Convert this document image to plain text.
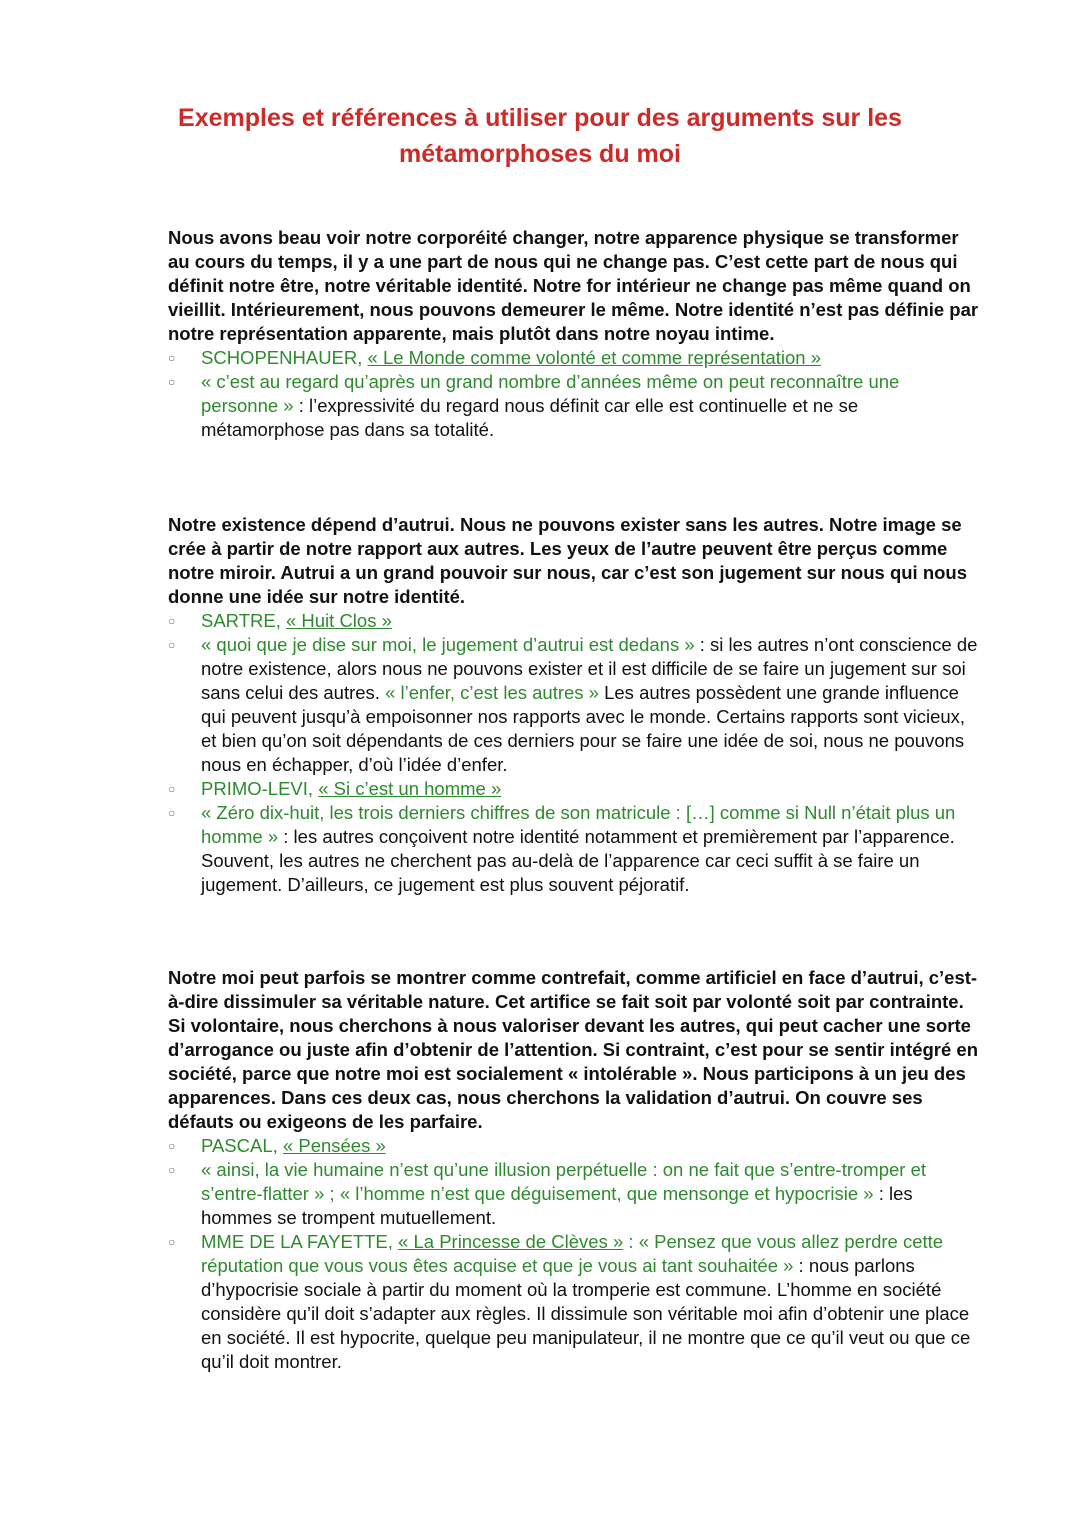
Exemples et références à utiliser pour des arguments sur les
métamorphoses du moi

Nous avons beau voir notre corporéité changer, notre apparence physique se transformer au cours du temps, il y a une part de nous qui ne change pas. C’est cette part de nous qui définit notre être, notre véritable identité. Notre for intérieur ne change pas même quand on vieillit. Intérieurement, nous pouvons demeurer le même. Notre identité n’est pas définie par notre représentation apparente, mais plutôt dans notre noyau intime.

○	SCHOPENHAUER, « Le Monde comme volonté et comme représentation »
○	« c’est au regard qu’après un grand nombre d’années même on peut reconnaître une personne » : l’expressivité du regard nous définit car elle est continuelle et ne se métamorphose pas dans sa totalité.

Notre existence dépend d’autrui. Nous ne pouvons exister sans les autres. Notre image se crée à partir de notre rapport aux autres. Les yeux de l’autre peuvent être perçus comme notre miroir. Autrui a un grand pouvoir sur nous, car c’est son jugement sur nous qui nous donne une idée sur notre identité.

○	SARTRE, « Huit Clos »
○	« quoi que je dise sur moi, le jugement d’autrui est dedans » : si les autres n’ont conscience de notre existence, alors nous ne pouvons exister et il est difficile de se faire un jugement sur soi sans celui des autres. « l’enfer, c’est les autres » Les autres possèdent une grande influence qui peuvent jusqu’à empoisonner nos rapports avec le monde. Certains rapports sont vicieux, et bien qu’on soit dépendants de ces derniers pour se faire une idée de soi, nous ne pouvons nous en échapper, d’où l’idée d’enfer.
○	PRIMO-LEVI, « Si c’est un homme »
○	« Zéro dix-huit, les trois derniers chiffres de son matricule : […] comme si Null n’était plus un homme » : les autres conçoivent notre identité notamment et premièrement par l’apparence. Souvent, les autres ne cherchent pas au-delà de l’apparence car ceci suffit à se faire un jugement. D’ailleurs, ce jugement est plus souvent péjoratif.

Notre moi peut parfois se montrer comme contrefait, comme artificiel en face d’autrui, c’est-à-dire dissimuler sa véritable nature. Cet artifice se fait soit par volonté soit par contrainte. Si volontaire, nous cherchons à nous valoriser devant les autres, qui peut cacher une sorte d’arrogance ou juste afin d’obtenir de l’attention. Si contraint, c’est pour se sentir intégré en société, parce que notre moi est socialement « intolérable ». Nous participons à un jeu des apparences. Dans ces deux cas, nous cherchons la validation d’autrui. On couvre ses défauts ou exigeons de les parfaire.

○	PASCAL, « Pensées »
○	« ainsi, la vie humaine n’est qu’une illusion perpétuelle : on ne fait que s’entre-tromper et s’entre-flatter » ; « l’homme n’est que déguisement, que mensonge et hypocrisie » : les hommes se trompent mutuellement.
○	MME DE LA FAYETTE, « La Princesse de Clèves » : « Pensez que vous allez perdre cette réputation que vous vous êtes acquise et que je vous ai tant souhaitée » : nous parlons d’hypocrisie sociale à partir du moment où la tromperie est commune. L’homme en société considère qu’il doit s’adapter aux règles. Il dissimule son véritable moi afin d’obtenir une place en société. Il est hypocrite, quelque peu manipulateur, il ne montre que ce qu’il veut ou que ce qu’il doit montrer.
